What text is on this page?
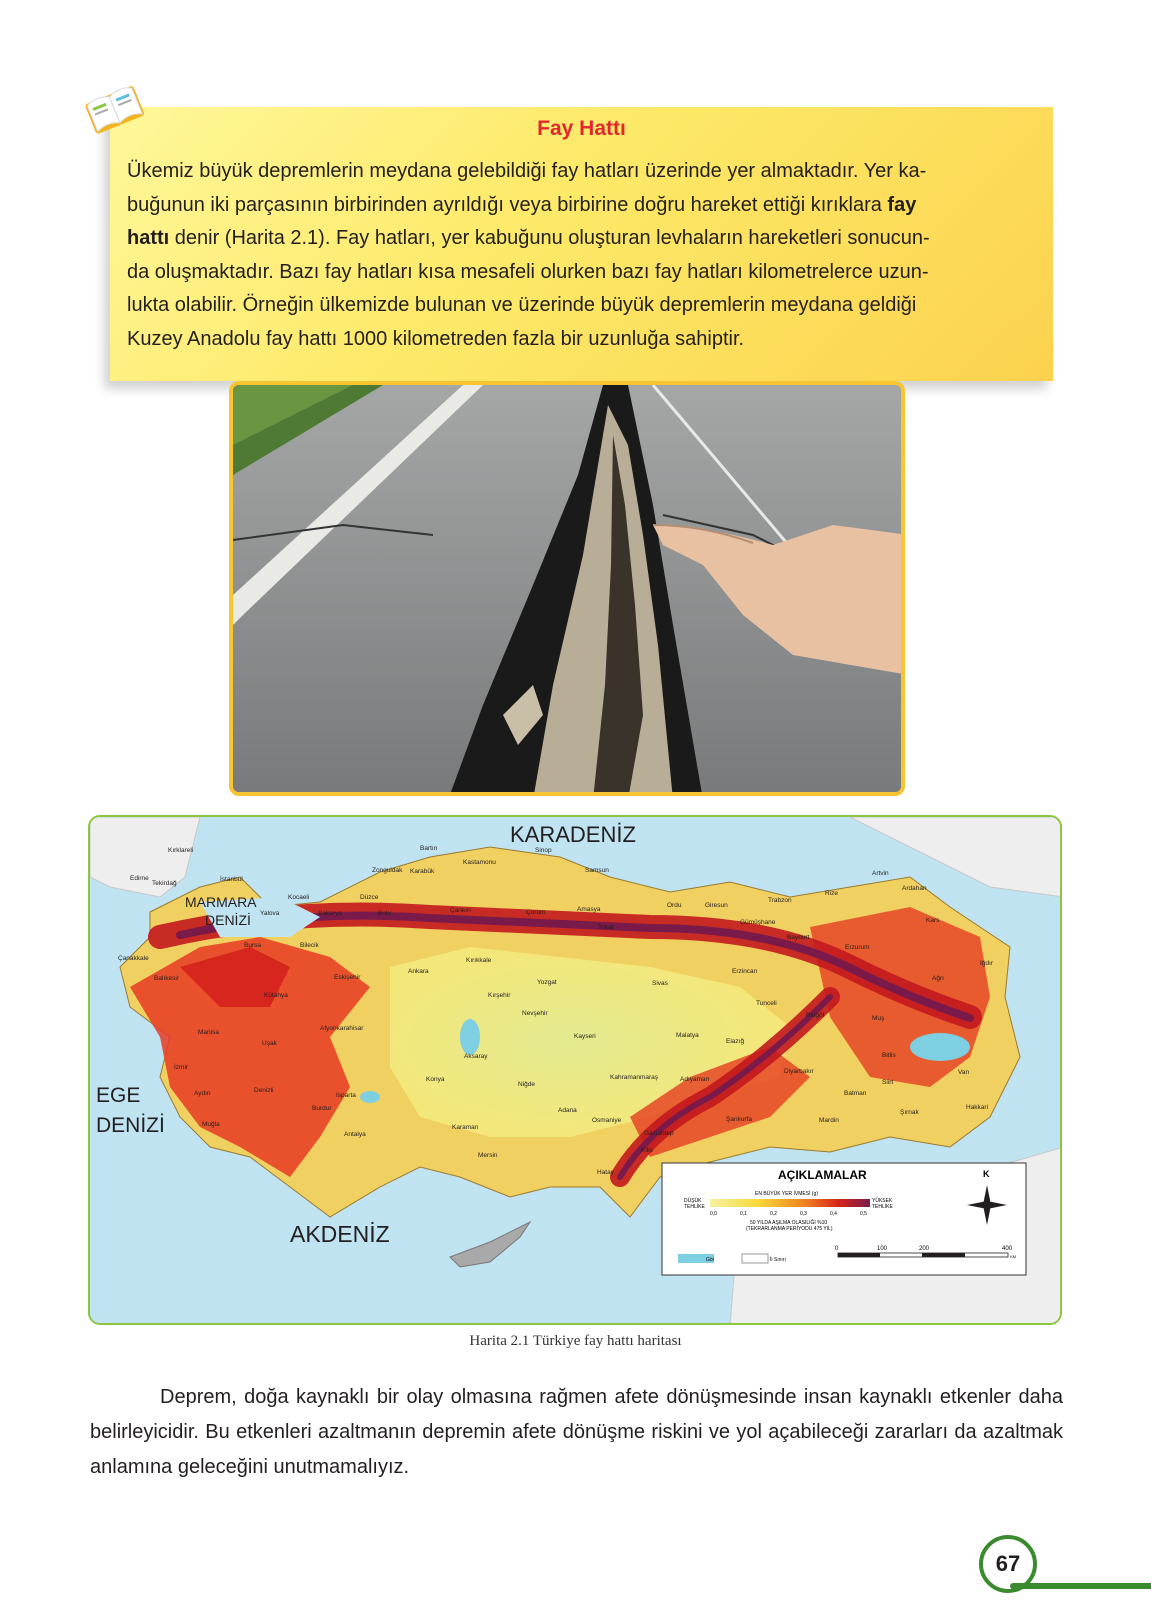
Fay Hattı
Ükemiz büyük depremlerin meydana gelebildiği fay hatları üzerinde yer almaktadır. Yer ka-
buğunun iki parçasının birbirinden ayrıldığı veya birbirine doğru hareket ettiği kırıklara fay
hattı denir (Harita 2.1). Fay hatları, yer kabuğunu oluşturan levhaların hareketleri sonucun-
da oluşmaktadır. Bazı fay hatları kısa mesafeli olurken bazı fay hatları kilometrelerce uzun-
lukta olabilir. Örneğin ülkemizde bulunan ve üzerinde büyük depremlerin meydana geldiği
Kuzey Anadolu fay hattı 1000 kilometreden fazla bir uzunluğa sahiptir.
KARADENİZ
MARMARA
DENİZİ
EGE
DENİZİ
AKDENİZ
Kırklareli
Edirne
Tekirdağ
İstanbul
Kocaeli
Yalova	Sakarya
Düzce
Bolu
Zonguldak
Bartın
Karabük
Kastamonu
Sinop
Samsun
Çankırı	Çorum	Amasya
Tokat
Ordu	Giresun
Trabzon
Rize
Artvin
Ardahan
Kars
Gümüşhane
Bayburt
Erzurum
Iğdır
Ağrı
Bursa	Bilecik
Çanakkale
Balıkesir	Eskişehir
Ankara
Kırıkkale
Yozgat	Sivas
Erzincan
Kırşehir
Kütahya
Tunceli
Bingöl	Muş
Nevşehir
Kayseri	Malatya
Elazığ
Bitlis
Van
Manisa
Uşak
Afyonkarahisar
Aksaray
Niğde
Kahramanmaraş	Adıyaman
Diyarbakır
Siirt
Batman
İzmir
Aydın	Denizli
Isparta
Burdur
Konya
Adana
Osmaniye	Şanlıurfa	Mardin
Şırnak
Hakkari
Muğla
Antalya
Karaman
Mersin
Gaziantep
Kilis
Hatay	AÇIKLAMALAR	K
DÜŞÜK
TEHLİKE
YÜKSEK
TEHLİKE
EN BÜYÜK YER İVMESİ (g)
0,0	0,1	0,2	0,3	0,4	0,5
50 YILDA AŞILMA OLASILIĞI %10
(TEKRARLANMA PERİYODU 475 YIL)
Göl	İl Sınırı
0	100	200	400
KM
Harita 2.1 Türkiye fay hattı haritası
Deprem, doğa kaynaklı bir olay olmasına rağmen afete dönüşmesinde insan kaynaklı etkenler daha belirleyicidir. Bu etkenleri azaltmanın depremin afete dönüşme riskini ve yol açabileceği zararları da azaltmak anlamına geleceğini unutmamalıyız.
67
